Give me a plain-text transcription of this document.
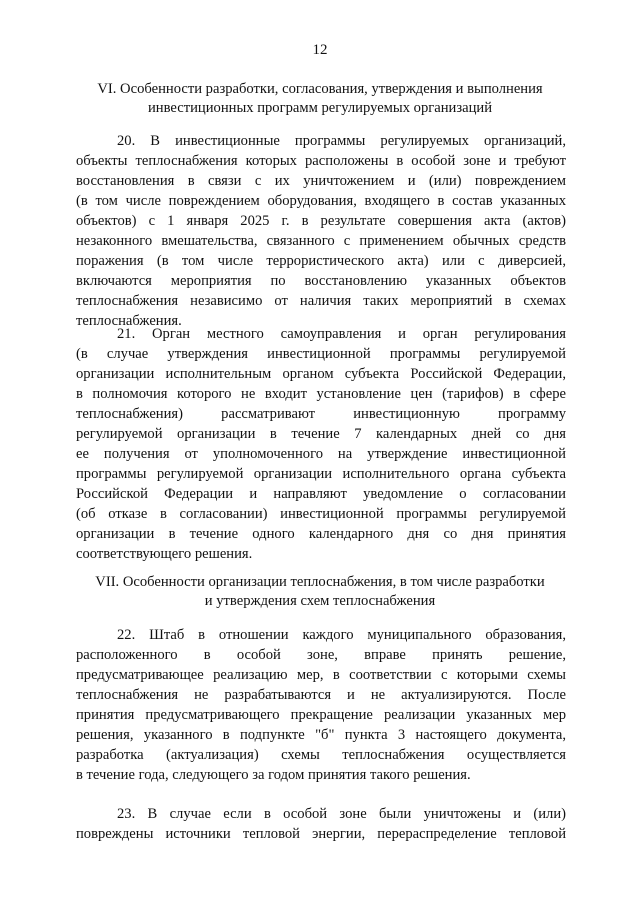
12
VI. Особенности разработки, согласования, утверждения и выполнения
инвестиционных программ регулируемых организаций
20. В инвестиционные программы регулируемых организаций,
объекты теплоснабжения которых расположены в особой зоне и требуют
восстановления в связи с их уничтожением и (или) повреждением
(в том числе повреждением оборудования, входящего в состав указанных
объектов) с 1 января 2025 г. в результате совершения акта (актов)
незаконного вмешательства, связанного с применением обычных средств
поражения (в том числе террористического акта) или с диверсией,
включаются мероприятия по восстановлению указанных объектов
теплоснабжения независимо от наличия таких мероприятий в схемах
теплоснабжения.
21. Орган местного самоуправления и орган регулирования
(в случае утверждения инвестиционной программы регулируемой
организации исполнительным органом субъекта Российской Федерации,
в полномочия которого не входит установление цен (тарифов) в сфере
теплоснабжения) рассматривают инвестиционную программу
регулируемой организации в течение 7 календарных дней со дня
ее получения от уполномоченного на утверждение инвестиционной
программы регулируемой организации исполнительного органа субъекта
Российской Федерации и направляют уведомление о согласовании
(об отказе в согласовании) инвестиционной программы регулируемой
организации в течение одного календарного дня со дня принятия
соответствующего решения.
VII. Особенности организации теплоснабжения, в том числе разработки
и утверждения схем теплоснабжения
22. Штаб в отношении каждого муниципального образования,
расположенного в особой зоне, вправе принять решение,
предусматривающее реализацию мер, в соответствии с которыми схемы
теплоснабжения не разрабатываются и не актуализируются. После
принятия предусматривающего прекращение реализации указанных мер
решения, указанного в подпункте "б" пункта 3 настоящего документа,
разработка (актуализация) схемы теплоснабжения осуществляется
в течение года, следующего за годом принятия такого решения.
23. В случае если в особой зоне были уничтожены и (или)
повреждены источники тепловой энергии, перераспределение тепловой
